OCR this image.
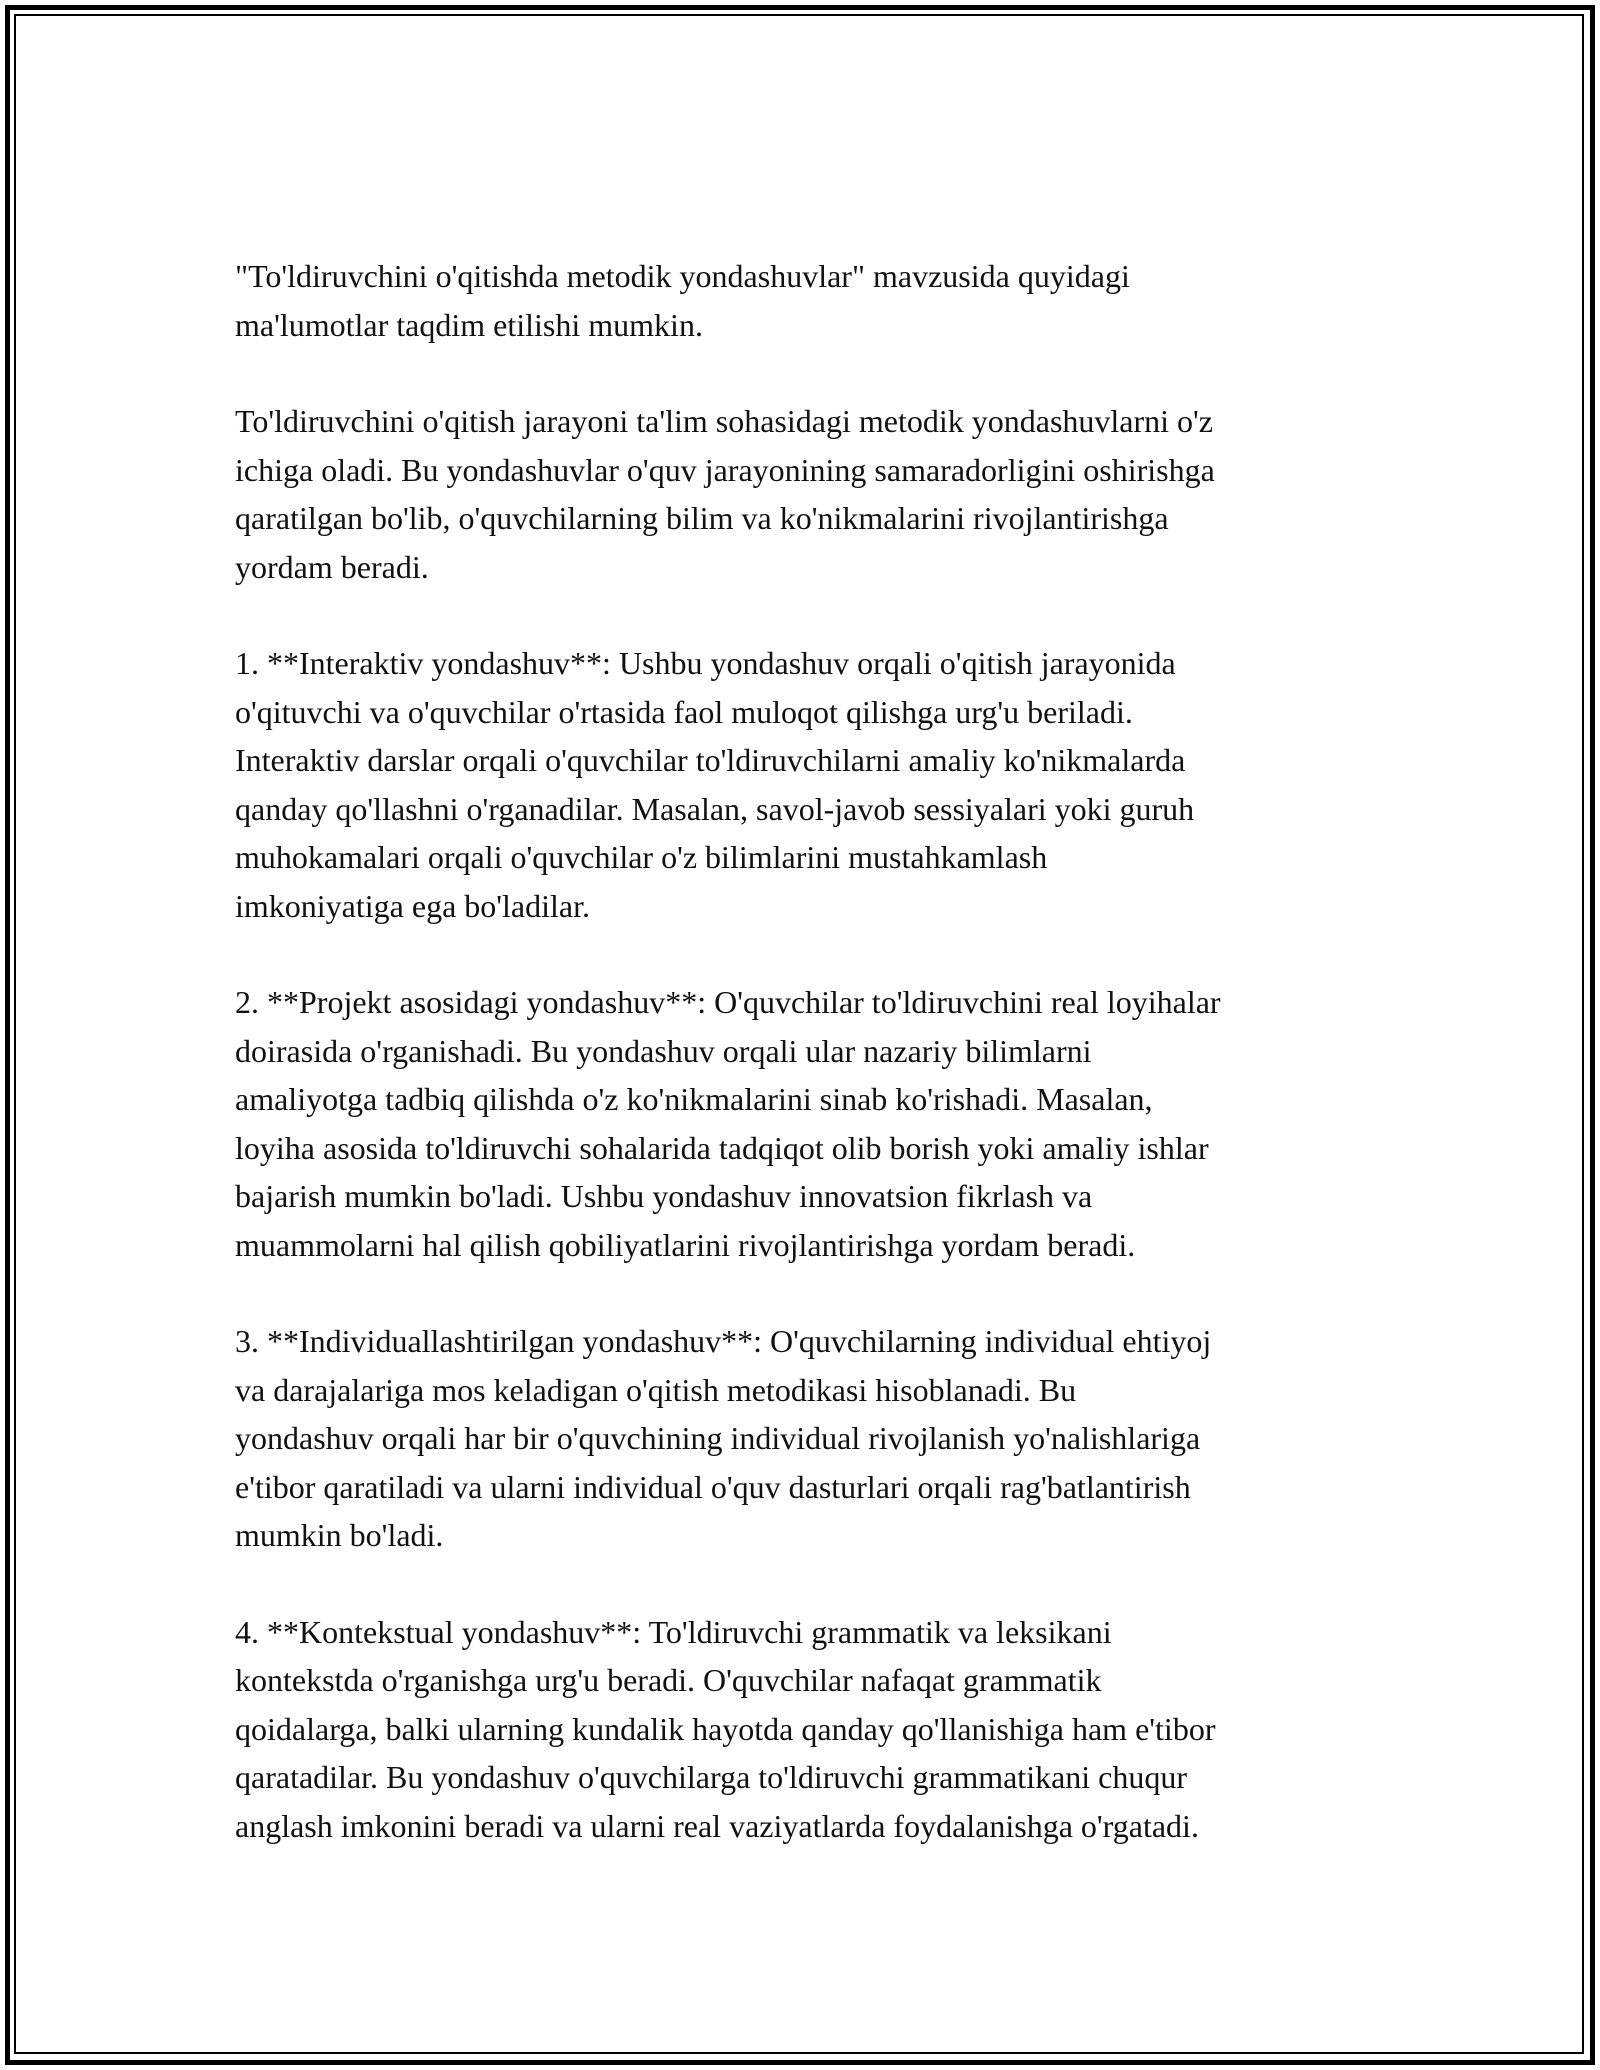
"To'ldiruvchini o'qitishda metodik yondashuvlar" mavzusida quyidagi
ma'lumotlar taqdim etilishi mumkin.

To'ldiruvchini o'qitish jarayoni ta'lim sohasidagi metodik yondashuvlarni o'z
ichiga oladi. Bu yondashuvlar o'quv jarayonining samaradorligini oshirishga
qaratilgan bo'lib, o'quvchilarning bilim va ko'nikmalarini rivojlantirishga
yordam beradi.

1. **Interaktiv yondashuv**: Ushbu yondashuv orqali o'qitish jarayonida
o'qituvchi va o'quvchilar o'rtasida faol muloqot qilishga urg'u beriladi.
Interaktiv darslar orqali o'quvchilar to'ldiruvchilarni amaliy ko'nikmalarda
qanday qo'llashni o'rganadilar. Masalan, savol-javob sessiyalari yoki guruh
muhokamalari orqali o'quvchilar o'z bilimlarini mustahkamlash
imkoniyatiga ega bo'ladilar.

2. **Projekt asosidagi yondashuv**: O'quvchilar to'ldiruvchini real loyihalar
doirasida o'rganishadi. Bu yondashuv orqali ular nazariy bilimlarni
amaliyotga tadbiq qilishda o'z ko'nikmalarini sinab ko'rishadi. Masalan,
loyiha asosida to'ldiruvchi sohalarida tadqiqot olib borish yoki amaliy ishlar
bajarish mumkin bo'ladi. Ushbu yondashuv innovatsion fikrlash va
muammolarni hal qilish qobiliyatlarini rivojlantirishga yordam beradi.

3. **Individuallashtirilgan yondashuv**: O'quvchilarning individual ehtiyoj
va darajalariga mos keladigan o'qitish metodikasi hisoblanadi. Bu
yondashuv orqali har bir o'quvchining individual rivojlanish yo'nalishlariga
e'tibor qaratiladi va ularni individual o'quv dasturlari orqali rag'batlantirish
mumkin bo'ladi.

4. **Kontekstual yondashuv**: To'ldiruvchi grammatik va leksikani
kontekstda o'rganishga urg'u beradi. O'quvchilar nafaqat grammatik
qoidalarga, balki ularning kundalik hayotda qanday qo'llanishiga ham e'tibor
qaratadilar. Bu yondashuv o'quvchilarga to'ldiruvchi grammatikani chuqur
anglash imkonini beradi va ularni real vaziyatlarda foydalanishga o'rgatadi.
